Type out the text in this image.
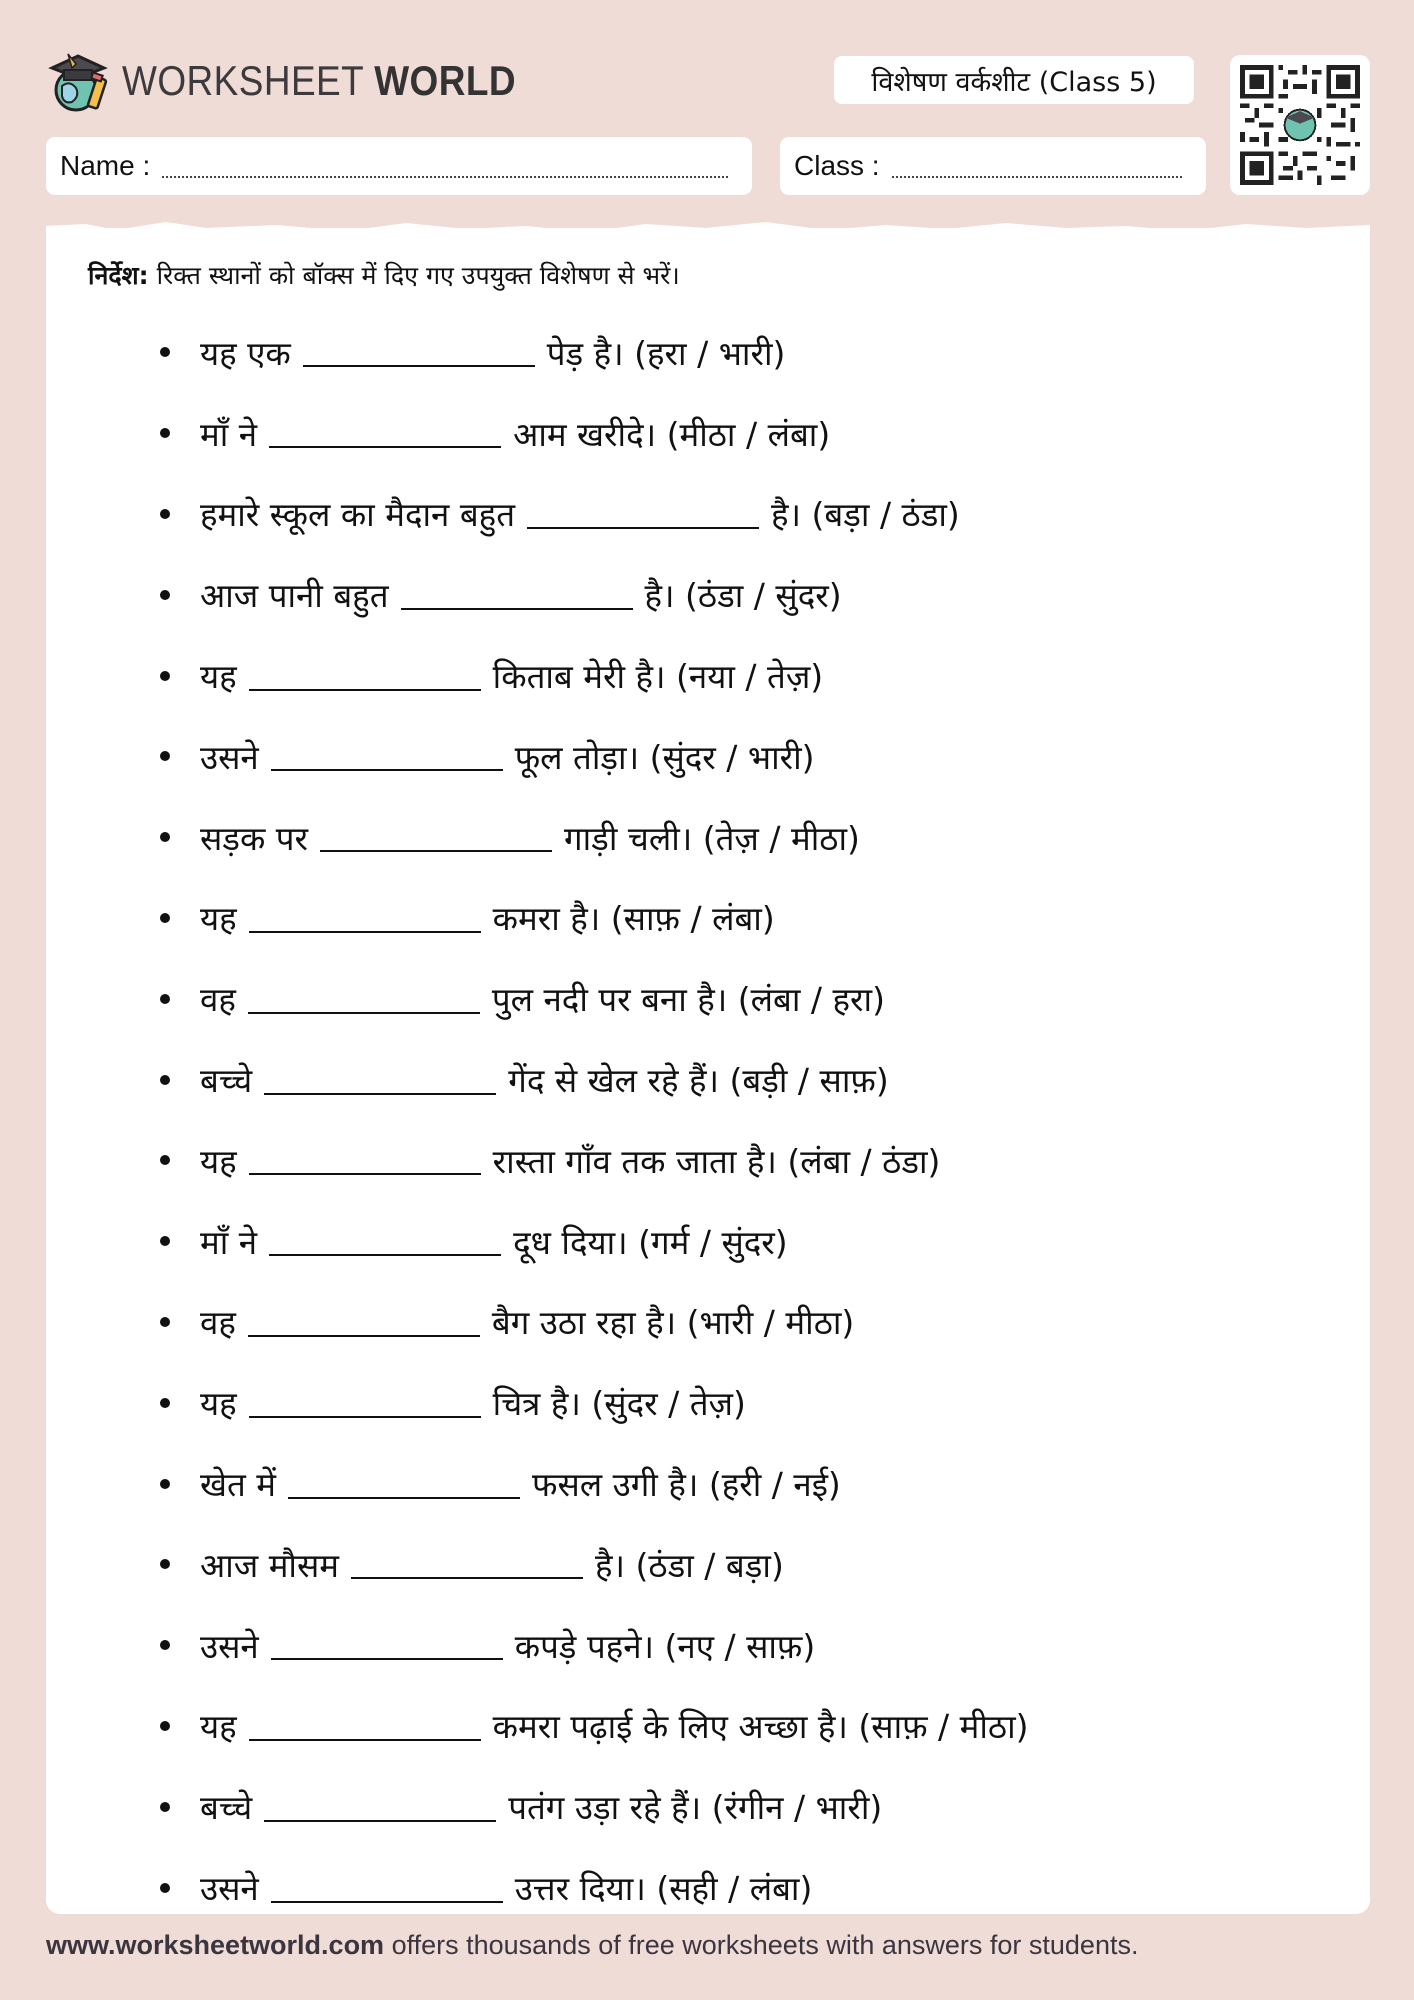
WORKSHEET WORLD	विशेषण वर्कशीट (Class 5)
Name :	Class :
निर्देश: रिक्त स्थानों को बॉक्स में दिए गए उपयुक्त विशेषण से भरें।
यह एक	पेड़ है। (हरा / भारी)
माँ ने	आम खरीदे। (मीठा / लंबा)
हमारे स्कूल का मैदान बहुत	है। (बड़ा / ठंडा)
आज पानी बहुत	है। (ठंडा / सुंदर)
यह	किताब मेरी है। (नया / तेज़)
उसने	फूल तोड़ा। (सुंदर / भारी)
सड़क पर	गाड़ी चली। (तेज़ / मीठा)
यह	कमरा है। (साफ़ / लंबा)
वह	पुल नदी पर बना है। (लंबा / हरा)
बच्चे	गेंद से खेल रहे हैं। (बड़ी / साफ़)
यह	रास्ता गाँव तक जाता है। (लंबा / ठंडा)
माँ ने	दूध दिया। (गर्म / सुंदर)
वह	बैग उठा रहा है। (भारी / मीठा)
यह	चित्र है। (सुंदर / तेज़)
खेत में	फसल उगी है। (हरी / नई)
आज मौसम	है। (ठंडा / बड़ा)
उसने	कपड़े पहने। (नए / साफ़)
यह	कमरा पढ़ाई के लिए अच्छा है। (साफ़ / मीठा)
बच्चे	पतंग उड़ा रहे हैं। (रंगीन / भारी)
उसने	उत्तर दिया। (सही / लंबा)
www.worksheetworld.com offers thousands of free worksheets with answers for students.
